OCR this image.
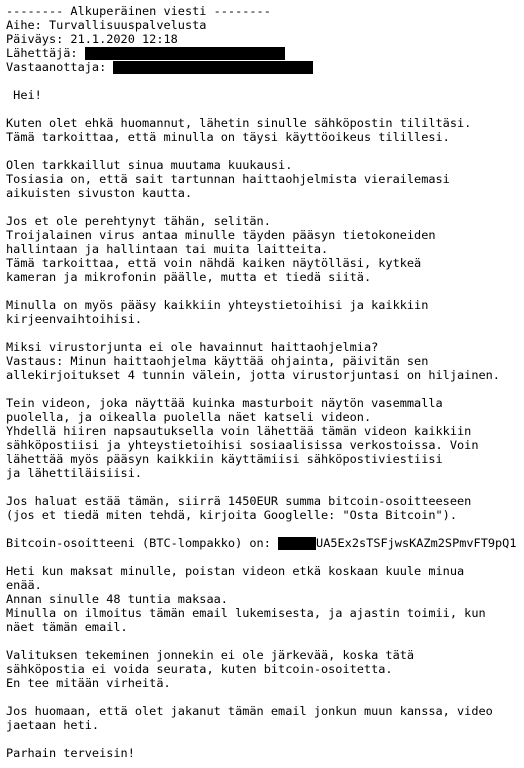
-------- Alkuperäinen viesti --------
Aihe: Turvallisuuspalvelusta
Päiväys: 21.1.2020 12:18
Lähettäjä:
Vastaanottaja:
Hei!
Kuten olet ehkä huomannut, lähetin sinulle sähköpostin tililtäsi.
Tämä tarkoittaa, että minulla on täysi käyttöoikeus tilillesi.
Olen tarkkaillut sinua muutama kuukausi.
Tosiasia on, että sait tartunnan haittaohjelmista vierailemasi
aikuisten sivuston kautta.
Jos et ole perehtynyt tähän, selitän.
Troijalainen virus antaa minulle täyden pääsyn tietokoneiden
hallintaan ja hallintaan tai muita laitteita.
Tämä tarkoittaa, että voin nähdä kaiken näytölläsi, kytkeä
kameran ja mikrofonin päälle, mutta et tiedä siitä.
Minulla on myös pääsy kaikkiin yhteystietoihisi ja kaikkiin
kirjeenvaihtoihisi.
Miksi virustorjunta ei ole havainnut haittaohjelmia?
Vastaus: Minun haittaohjelma käyttää ohjainta, päivitän sen
allekirjoitukset 4 tunnin välein, jotta virustorjuntasi on hiljainen.
Tein videon, joka näyttää kuinka masturboit näytön vasemmalla
puolella, ja oikealla puolella näet katseli videon.
Yhdellä hiiren napsautuksella voin lähettää tämän videon kaikkiin
sähköpostiisi ja yhteystietoihisi sosiaalisissa verkostoissa. Voin
lähettää myös pääsyn kaikkiin käyttämiisi sähköpostiviestiisi
ja lähettiläisiisi.
Jos haluat estää tämän, siirrä 1450EUR summa bitcoin-osoitteeseen
(jos et tiedä miten tehdä, kirjoita Googlelle: "Osta Bitcoin").
Bitcoin-osoitteeni (BTC-lompakko) on:	UA5Ex2sTSFjwsKAZm2SPmvFT9pQ1
Heti kun maksat minulle, poistan videon etkä koskaan kuule minua
enää.
Annan sinulle 48 tuntia maksaa.
Minulla on ilmoitus tämän email lukemisesta, ja ajastin toimii, kun
näet tämän email.
Valituksen tekeminen jonnekin ei ole järkevää, koska tätä
sähköpostia ei voida seurata, kuten bitcoin-osoitetta.
En tee mitään virheitä.
Jos huomaan, että olet jakanut tämän email jonkun muun kanssa, video
jaetaan heti.
Parhain terveisin!
